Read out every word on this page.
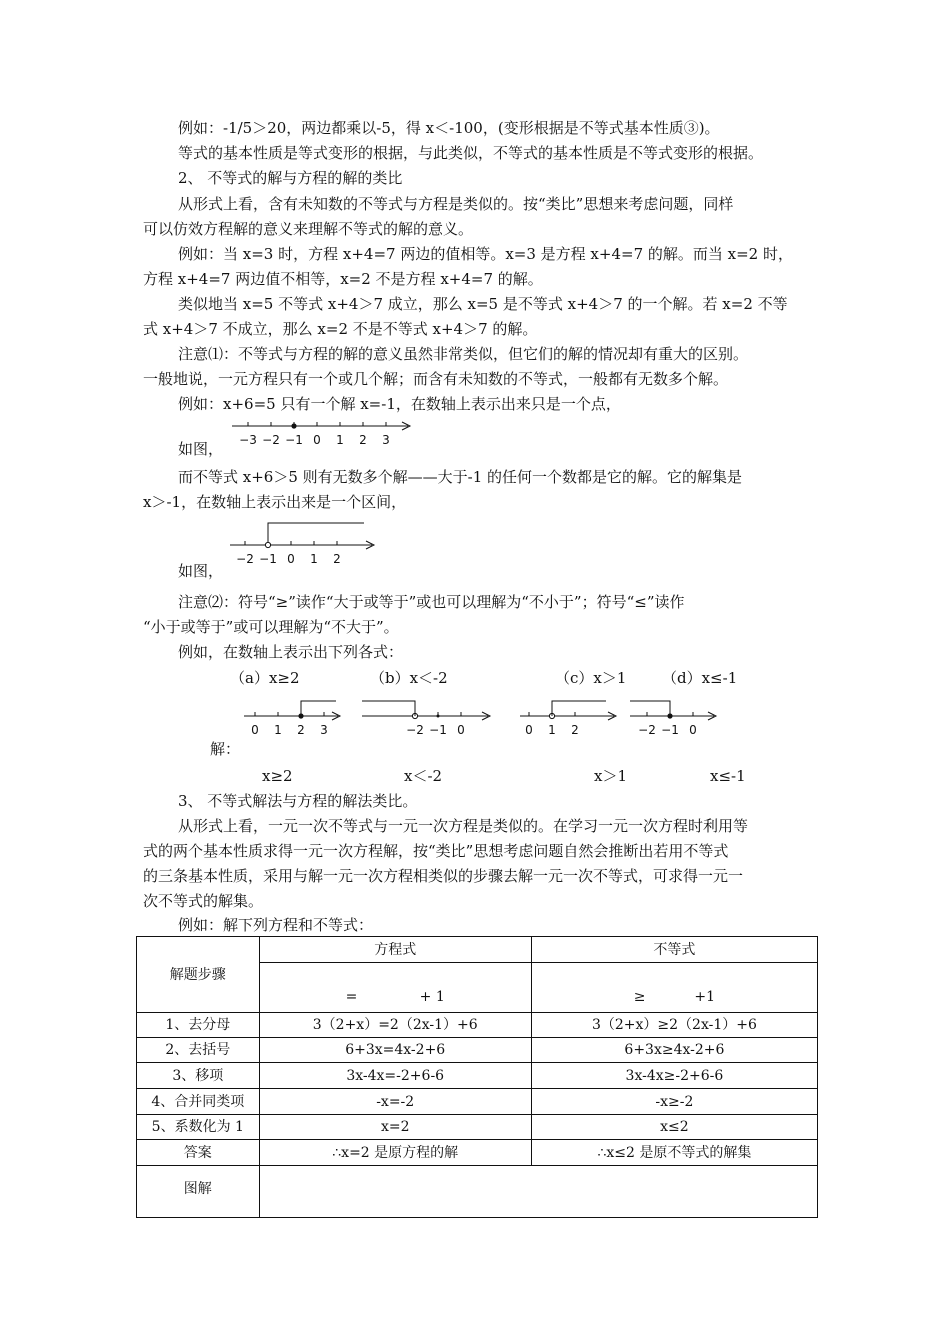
例如：-1/5＞20，两边都乘以-5，得 x＜-100，(变形根据是不等式基本性质③)。
等式的基本性质是等式变形的根据，与此类似，不等式的基本性质是不等式变形的根据。
2、 不等式的解与方程的解的类比
从形式上看，含有未知数的不等式与方程是类似的。按“类比”思想来考虑问题，同样
可以仿效方程解的意义来理解不等式的解的意义。
例如：当 x=3 时，方程 x+4=7 两边的值相等。x=3 是方程 x+4=7 的解。而当 x=2 时，
方程 x+4=7 两边值不相等，x=2 不是方程 x+4=7 的解。
类似地当 x=5 不等式 x+4＞7 成立，那么 x=5 是不等式 x+4＞7 的一个解。若 x=2 不等
式 x+4＞7 不成立，那么 x=2 不是不等式 x+4＞7 的解。
注意⑴：不等式与方程的解的意义虽然非常类似，但它们的解的情况却有重大的区别。
一般地说，一元方程只有一个或几个解；而含有未知数的不等式，一般都有无数多个解。
例如：x+6=5 只有一个解 x=-1，在数轴上表示出来只是一个点，
如图， −3 −2 −1 0 1 2 3
而不等式 x+6＞5 则有无数多个解——大于-1 的任何一个数都是它的解。它的解集是
x＞-1，在数轴上表示出来是一个区间，
−2 −1 0 1 2
如图，
注意⑵：符号“≥”读作“大于或等于”或也可以理解为“不小于”；符号“≤”读作
“小于或等于”或可以理解为“不大于”。
例如，在数轴上表示出下列各式：
（a）x≥2	（b）x＜-2	（c）x＞1 （d）x≤-1
0 1 2 3	−2 −1 0	0 1 2	−2 −1 0
解：
x≥2	x＜-2	x＞1	x≤-1
3、 不等式解法与方程的解法类比。
从形式上看，一元一次不等式与一元一次方程是类似的。在学习一元一次方程时利用等
式的两个基本性质求得一元一次方程解，按“类比”思想考虑问题自然会推断出若用不等式
的三条基本性质，采用与解一元一次方程相类似的步骤去解一元一次不等式，可求得一元一
次不等式的解集。
例如：解下列方程和不等式：
解题步骤	方程式	不等式
	=              + 1	≥           +1
1、去分母	3（2+x）=2（2x-1）+6	3（2+x）≥2（2x-1）+6
2、去括号	6+3x=4x-2+6	6+3x≥4x-2+6
3、移项	3x-4x=-2+6-6	3x-4x≥-2+6-6
4、合并同类项	-x=-2	-x≥-2
5、系数化为 1	x=2	x≤2
答案	∴x=2 是原方程的解	∴x≤2 是原不等式的解集
图解		
